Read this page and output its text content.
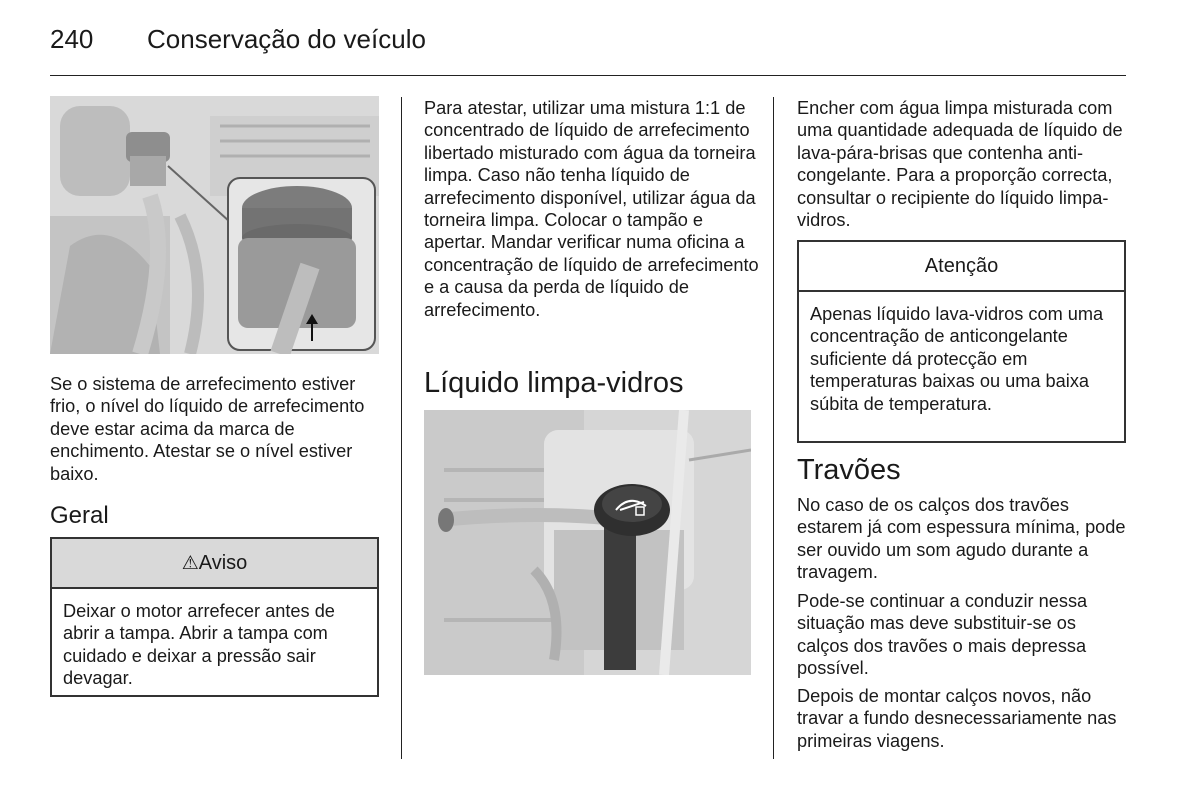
240 Conservação do veículo

Se o sistema de arrefecimento estiver frio, o nível do líquido de arrefecimento deve estar acima da marca de enchimento. Atestar se o nível estiver baixo.

Geral
⚠Aviso
Deixar o motor arrefecer antes de abrir a tampa. Abrir a tampa com cuidado e deixar a pressão sair devagar.

Para atestar, utilizar uma mistura 1:1 de concentrado de líquido de arrefecimento libertado misturado com água da torneira limpa. Caso não tenha líquido de arrefecimento disponível, utilizar água da torneira limpa. Colocar o tampão e apertar. Mandar verificar numa oficina a concentração de líquido de arrefecimento e a causa da perda de líquido de arrefecimento.

Líquido limpa-vidros

Encher com água limpa misturada com uma quantidade adequada de líquido de lava-pára-brisas que contenha anti-congelante. Para a proporção correcta, consultar o recipiente do líquido limpa-vidros.

Atenção
Apenas líquido lava-vidros com uma concentração de anticongelante suficiente dá protecção em temperaturas baixas ou uma baixa súbita de temperatura.
Travões

No caso de os calços dos travões estarem já com espessura mínima, pode ser ouvido um som agudo durante a travagem.

Pode-se continuar a conduzir nessa situação mas deve substituir-se os calços dos travões o mais depressa possível.

Depois de montar calços novos, não travar a fundo desnecessariamente nas primeiras viagens.
